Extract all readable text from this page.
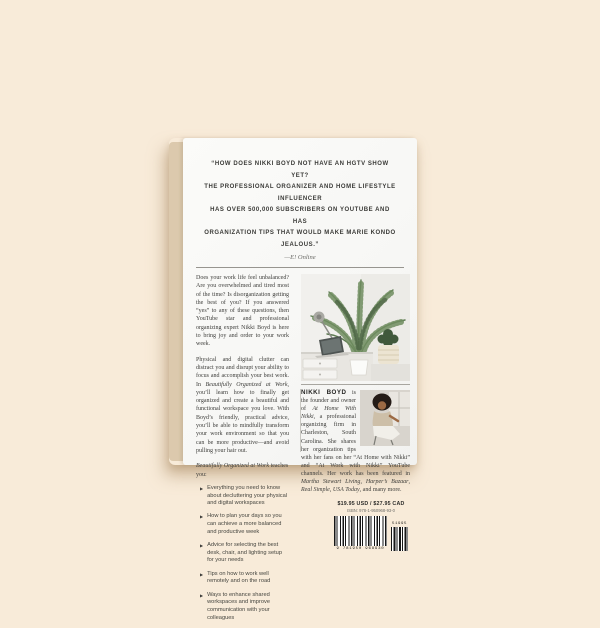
“HOW DOES NIKKI BOYD NOT HAVE AN HGTV SHOW YET?
THE PROFESSIONAL ORGANIZER AND HOME LIFESTYLE INFLUENCER
HAS OVER 500,000 SUBSCRIBERS ON YOUTUBE AND HAS
ORGANIZATION TIPS THAT WOULD MAKE MARIE KONDO JEALOUS.”
—E! Online

Does your work life feel unbalanced? Are you overwhelmed and tired most of the time? Is disorganization getting the best of you? If you answered “yes” to any of these questions, then YouTube star and professional organizing expert Nikki Boyd is here to bring joy and order to your work week.

Physical and digital clutter can distract you and disrupt your ability to focus and accomplish your best work. In Beautifully Organized at Work, you’ll learn how to finally get organized and create a beautiful and functional workspace you love. With Boyd’s friendly, practical advice, you’ll be able to mindfully transform your work environment so that you can be more productive—and avoid pulling your hair out.

Beautifully Organized at Work teaches you:

▶ Everything you need to know about decluttering your physical and digital workspaces
▶ How to plan your days so you can achieve a more balanced and productive week
▶ Advice for selecting the best desk, chair, and lighting setup for your needs
▶ Tips on how to work well remotely and on the road
▶ Ways to enhance shared workspaces and improve communication with your colleagues
NIKKI BOYD is the founder and owner of At Home With Nikki, a professional organizing firm in Charleston, South Carolina. She shares her organization tips with her fans on her “At Home with Nikki” and “At Work with Nikki” YouTube channels. Her work has been featured in Martha Stewart Living, Harper’s Bazaar, Real Simple, USA Today, and many more.
$19.95 USD / $27.95 CAD
ISBN: 978-1-950968-93-0
9 781950 968930
51995
